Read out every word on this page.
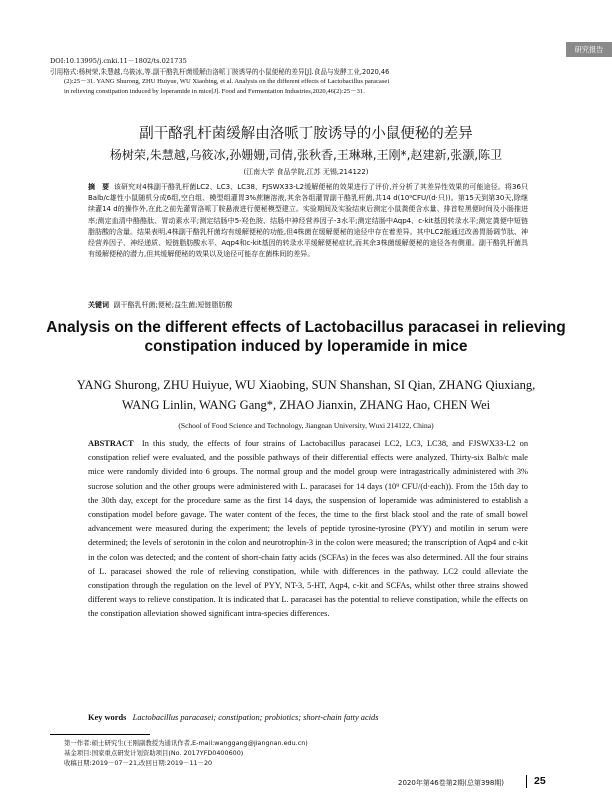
DOI:10.13995/j.cnki.11－1802/ts.021735
引用格式:杨树荣,朱慧越,乌筱冰,等.副干酪乳杆菌缓解由洛哌丁胺诱导的小鼠便秘的差异[J].食品与发酵工业,2020,46
(2):25－31. YANG Shurong, ZHU Huiyue, WU Xiaobing, et al. Analysis on the different effects of Lactobacillus paracasei
in relieving constipation induced by loperamide in mice[J]. Food and Fermentation Industries,2020,46(2):25－31.
研究报告
副干酪乳杆菌缓解由洛哌丁胺诱导的小鼠便秘的差异
杨树荣,朱慧越,乌筱冰,孙姗姗,司倩,张秋香,王琳琳,王刚*,赵建新,张灏,陈卫
(江南大学 食品学院,江苏 无锡,214122)
摘　要 该研究对4株副干酪乳杆菌LC2、LC3、LC38、FJSWX33-L2缓解便秘的效果进行了评价,并分析了其差异性效果的可能途径。将36只Balb/c雄性小鼠随机分成6组,空白组、模型组灌胃3%蔗糖溶液,其余各组灌胃副干酪乳杆菌,共14 d(10⁹CFU/(d·只))。第15天到第30天,除继续灌14 d的操作外,在此之前先灌胃洛哌丁胺悬液进行便秘模型建立。实验期间及实验结束后测定小鼠粪便含水量、排首粒黑便时间及小肠推进率;测定血清中酪酪肽、胃动素水平;测定结肠中5-羟色胺、结肠中神经营养因子-3水平;测定结肠中Aqp4、c-kit基因转录水平;测定粪便中短链脂肪酸的含量。结果表明,4株副干酪乳杆菌均有缓解便秘的功能,但4株菌在缓解便秘的途径中存在着差异。其中LC2能通过改善胃肠调节肽、神经营养因子、神经递质、短链脂肪酸水平、Aqp4和c-kit基因的转录水平缓解便秘症状,而其余3株菌缓解便秘的途径各有侧重。副干酪乳杆菌具有缓解便秘的潜力,但其缓解便秘的效果以及途径可能存在菌株间的差异。
关键词 副干酪乳杆菌;便秘;益生菌;短链脂肪酸
Analysis on the different effects of Lactobacillus paracasei in relieving
constipation induced by loperamide in mice
YANG Shurong, ZHU Huiyue, WU Xiaobing, SUN Shanshan, SI Qian, ZHANG Qiuxiang,
WANG Linlin, WANG Gang*, ZHAO Jianxin, ZHANG Hao, CHEN Wei
(School of Food Science and Technology, Jiangnan University, Wuxi 214122, China)
ABSTRACT In this study, the effects of four strains of Lactobacillus paracasei LC2, LC3, LC38, and FJSWX33-L2 on constipation relief were evaluated, and the possible pathways of their differential effects were analyzed. Thirty-six Balb/c male mice were randomly divided into 6 groups. The normal group and the model group were intragastrically administered with 3% sucrose solution and the other groups were administered with L. paracasei for 14 days (10⁹ CFU/(d·each)). From the 15th day to the 30th day, except for the procedure same as the first 14 days, the suspension of loperamide was administered to establish a constipation model before gavage. The water content of the feces, the time to the first black stool and the rate of small bowel advancement were measured during the experiment; the levels of peptide tyrosine-tyrosine (PYY) and motilin in serum were determined; the levels of serotonin in the colon and neurotrophin-3 in the colon were measured; the transcription of Aqp4 and c-kit in the colon was detected; and the content of short-chain fatty acids (SCFAs) in the feces was also determined. All the four strains of L. paracasei showed the role of relieving constipation, while with differences in the pathway. LC2 could alleviate the constipation through the regulation on the level of PYY, NT-3, 5-HT, Aqp4, c-kit and SCFAs, whilst other three strains showed different ways to relieve constipation. It is indicated that L. paracasei has the potential to relieve constipation, while the effects on the constipation alleviation showed significant intra-species differences.
Key words Lactobacillus paracasei; constipation; probiotics; short-chain fatty acids
第一作者:硕士研究生(王刚副教授为通讯作者,E-mail:wanggang@jiangnan.edu.cn)
基金项目:国家重点研发计划资助项目(No. 2017YFD0400600)
收稿日期:2019－07－21,改回日期:2019－11－20
2020年第46卷第2期(总第398期)	25
